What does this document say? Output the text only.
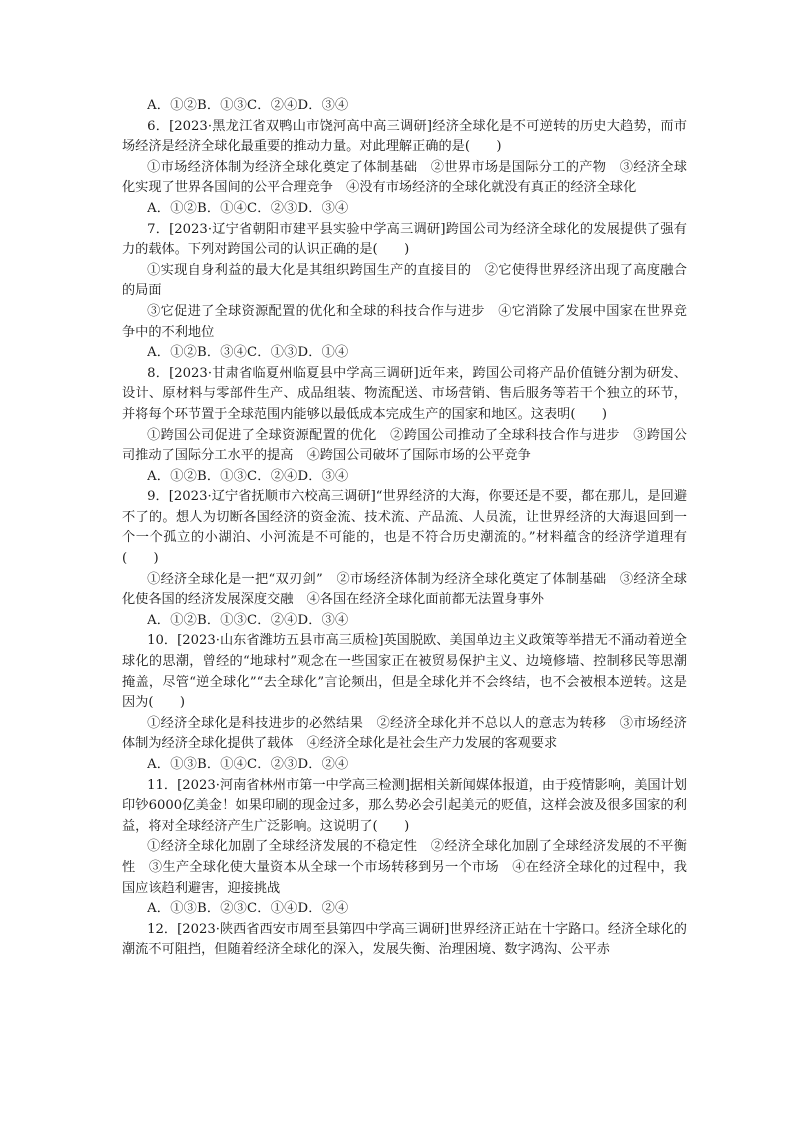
A．①②B．①③C．②④D．③④

6．[2023·黑龙江省双鸭山市饶河高中高三调研]经济全球化是不可逆转的历史大趋势，而市场经济是经济全球化最重要的推动力量。对此理解正确的是(　　)

①市场经济体制为经济全球化奠定了体制基础　②世界市场是国际分工的产物　③经济全球化实现了世界各国间的公平合理竞争　④没有市场经济的全球化就没有真正的经济全球化

A．①②B．①④C．②③D．③④

7．[2023·辽宁省朝阳市建平县实验中学高三调研]跨国公司为经济全球化的发展提供了强有力的载体。下列对跨国公司的认识正确的是(　　)

①实现自身利益的最大化是其组织跨国生产的直接目的　②它使得世界经济出现了高度融合的局面

③它促进了全球资源配置的优化和全球的科技合作与进步　④它消除了发展中国家在世界竞争中的不利地位

A．①②B．③④C．①③D．①④

8．[2023·甘肃省临夏州临夏县中学高三调研]近年来，跨国公司将产品价值链分割为研发、设计、原材料与零部件生产、成品组装、物流配送、市场营销、售后服务等若干个独立的环节，并将每个环节置于全球范围内能够以最低成本完成生产的国家和地区。这表明(　　)

①跨国公司促进了全球资源配置的优化　②跨国公司推动了全球科技合作与进步　③跨国公司推动了国际分工水平的提高　④跨国公司破坏了国际市场的公平竞争

A．①②B．①③C．②④D．③④

9．[2023·辽宁省抚顺市六校高三调研]“世界经济的大海，你要还是不要，都在那儿，是回避不了的。想人为切断各国经济的资金流、技术流、产品流、人员流，让世界经济的大海退回到一个一个孤立的小湖泊、小河流是不可能的，也是不符合历史潮流的。”材料蕴含的经济学道理有(　　)

①经济全球化是一把“双刃剑”　②市场经济体制为经济全球化奠定了体制基础　③经济全球化使各国的经济发展深度交融　④各国在经济全球化面前都无法置身事外

A．①②B．①③C．②④D．③④

10．[2023·山东省潍坊五县市高三质检]英国脱欧、美国单边主义政策等举措无不涌动着逆全球化的思潮，曾经的“地球村”观念在一些国家正在被贸易保护主义、边境修墙、控制移民等思潮掩盖，尽管“逆全球化”“去全球化”言论频出，但是全球化并不会终结，也不会被根本逆转。这是因为(　　)

①经济全球化是科技进步的必然结果　②经济全球化并不总以人的意志为转移　③市场经济体制为经济全球化提供了载体　④经济全球化是社会生产力发展的客观要求

A．①③B．①④C．②③D．②④

11．[2023·河南省林州市第一中学高三检测]据相关新闻媒体报道，由于疫情影响，美国计划印钞6000亿美金！如果印刷的现金过多，那么势必会引起美元的贬值，这样会波及很多国家的利益，将对全球经济产生广泛影响。这说明了(　　)

①经济全球化加剧了全球经济发展的不稳定性　②经济全球化加剧了全球经济发展的不平衡性　③生产全球化使大量资本从全球一个市场转移到另一个市场　④在经济全球化的过程中，我国应该趋利避害，迎接挑战

A．①③B．②③C．①④D．②④

12．[2023·陕西省西安市周至县第四中学高三调研]世界经济正站在十字路口。经济全球化的潮流不可阻挡，但随着经济全球化的深入，发展失衡、治理困境、数字鸿沟、公平赤
